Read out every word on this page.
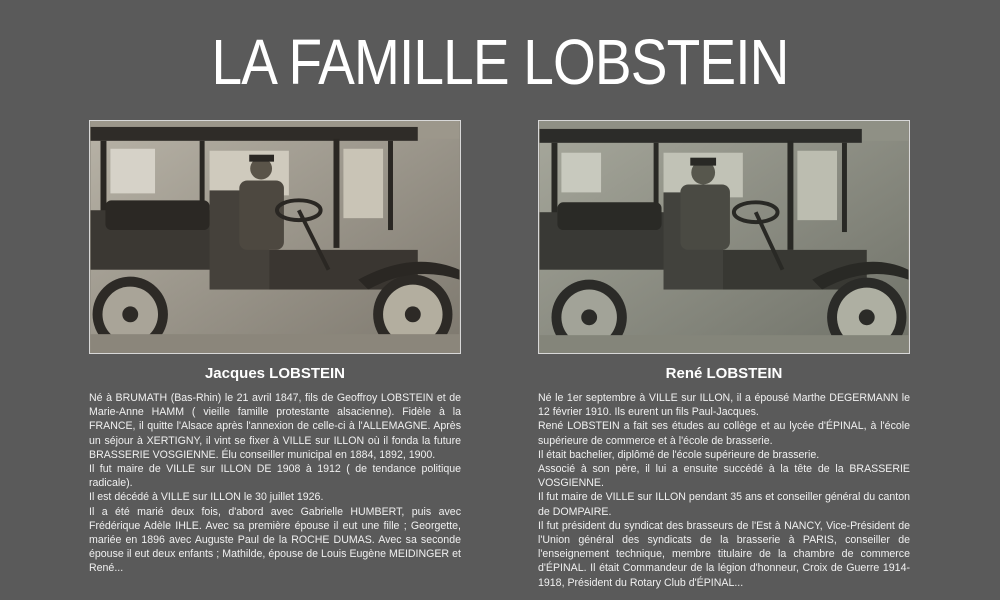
LA FAMILLE LOBSTEIN
Jacques LOBSTEIN	René LOBSTEIN

Né à BRUMATH (Bas-Rhin) le 21 avril 1847, fils de Geoffroy LOBSTEIN et de Marie-Anne HAMM ( vieille famille protestante alsacienne). Fidèle à la FRANCE, il quitte l'Alsace après l'annexion de celle-ci à l'ALLEMAGNE. Après un séjour à XERTIGNY, il vint se fixer à VILLE sur ILLON où il fonda la future BRASSERIE VOSGIENNE. Élu conseiller municipal en 1884, 1892, 1900.

Il fut maire de VILLE sur ILLON DE 1908 à 1912 ( de tendance politique radicale).

Il est décédé à VILLE sur ILLON le 30 juillet 1926.

Il a été marié deux fois, d'abord avec Gabrielle HUMBERT, puis avec Frédérique Adèle IHLE. Avec sa première épouse il eut une fille ; Georgette, mariée en 1896 avec Auguste Paul de la ROCHE DUMAS. Avec sa seconde épouse il eut deux enfants ; Mathilde, épouse de Louis Eugène MEIDINGER et René...

Né le 1er septembre à VILLE sur ILLON, il a épousé Marthe DEGERMANN le 12 février 1910. Ils eurent un fils Paul-Jacques.

René LOBSTEIN a fait ses études au collège et au lycée d'ÉPINAL, à l'école supérieure de commerce et à l'école de brasserie.

Il était bachelier, diplômé de l'école supérieure de brasserie.

Associé à son père, il lui a ensuite succédé à la tête de la BRASSERIE VOSGIENNE.

Il fut maire de VILLE sur ILLON pendant 35 ans et conseiller général du canton de DOMPAIRE.

Il fut président du syndicat des brasseurs de l'Est à NANCY, Vice-Président de l'Union général des syndicats de la brasserie à PARIS, conseiller de l'enseignement technique, membre titulaire de la chambre de commerce d'ÉPINAL. Il était Commandeur de la légion d'honneur, Croix de Guerre 1914-1918, Président du Rotary Club d'ÉPINAL...
